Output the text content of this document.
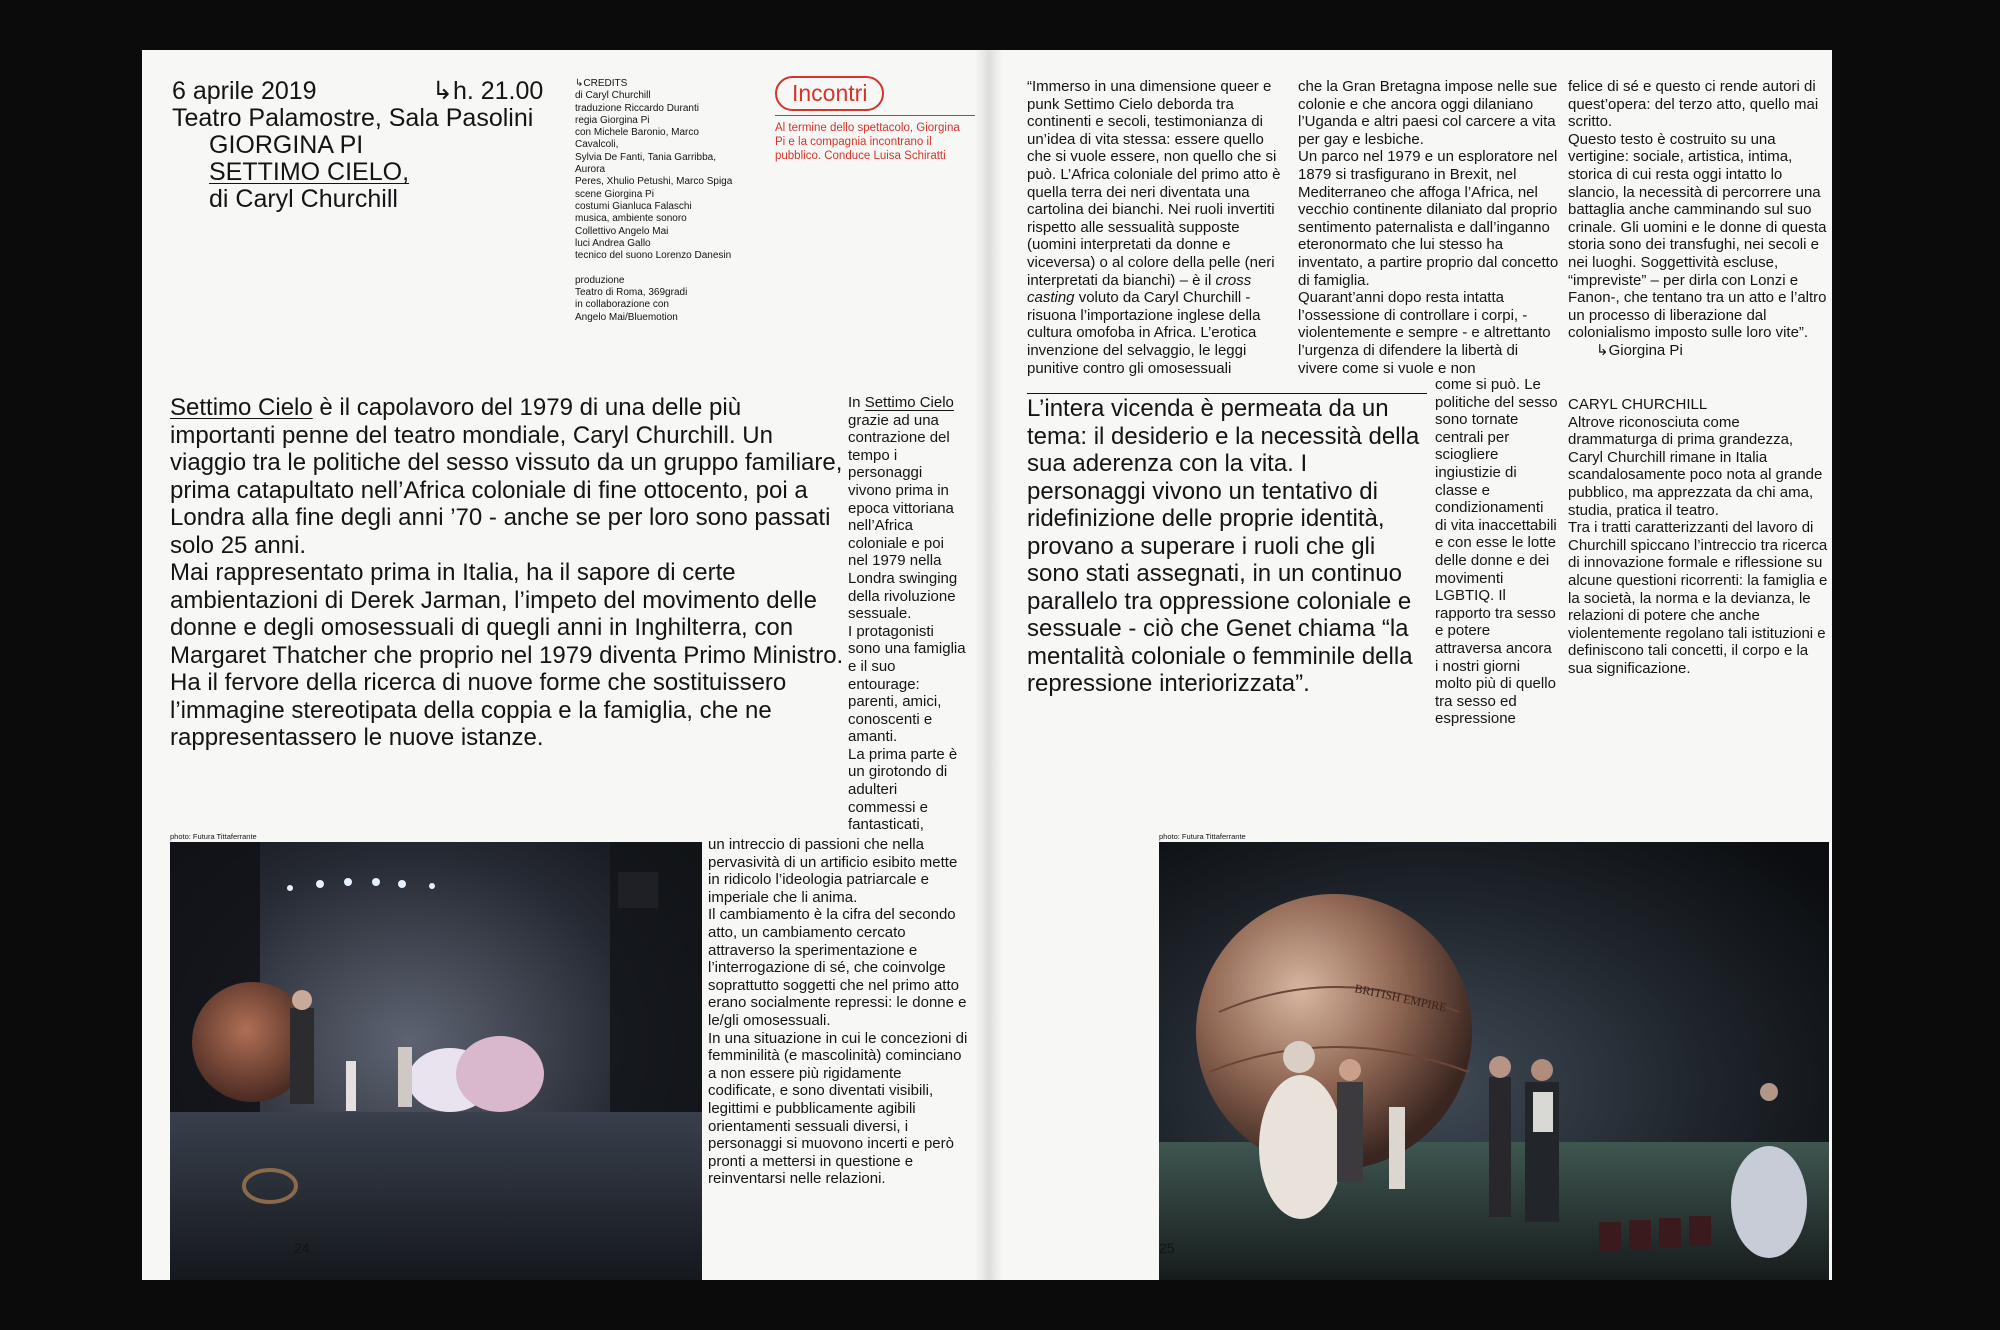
6 aprile 2019	↳h. 21.00
Teatro Palamostre, Sala Pasolini
GIORGINA PI
SETTIMO CIELO,
di Caryl Churchill
↳CREDITS
di Caryl Churchill
traduzione Riccardo Duranti
regia Giorgina Pi
con Michele Baronio, Marco Cavalcoli,
Sylvia De Fanti, Tania Garribba, Aurora
Peres, Xhulio Petushi, Marco Spiga
scene Giorgina Pi
costumi Gianluca Falaschi
musica, ambiente sonoro
Collettivo Angelo Mai
luci Andrea Gallo
tecnico del suono Lorenzo Danesin

produzione
Teatro di Roma, 369gradi
in collaborazione con
Angelo Mai/Bluemotion
Incontri
Al termine dello spettacolo, Giorgina Pi e la compagnia incontrano il pubblico. Conduce Luisa Schiratti

Settimo Cielo è il capolavoro del 1979 di una delle più importanti penne del teatro mondiale, Caryl Churchill. Un viaggio tra le politiche del sesso vissuto da un gruppo familiare, prima catapultato nell’Africa coloniale di fine ottocento, poi a Londra alla fine degli anni ’70 - anche se per loro sono passati solo 25 anni.

Mai rappresentato prima in Italia, ha il sapore di certe ambientazioni di Derek Jarman, l’impeto del movimento delle donne e degli omosessuali di quegli anni in Inghilterra, con Margaret Thatcher che proprio nel 1979 diventa Primo Ministro. Ha il fervore della ricerca di nuove forme che sostituissero l’immagine stereotipata della coppia e la famiglia, che ne rappresentassero le nuove istanze.

In Settimo Cielo grazie ad una contrazione del tempo i personaggi vivono prima in epoca vittoriana nell’Africa coloniale e poi nel 1979 nella Londra swinging della rivoluzione sessuale.

I protagonisti sono una famiglia e il suo entourage: parenti, amici, conoscenti e amanti.

La prima parte è un girotondo di adulteri commessi e fantasticati,

photo: Futura Tittaferrante	un intreccio di passioni che nella pervasività di un artificio esibito mette in ridicolo l’ideologia patriarcale e imperiale che li anima.

Il cambiamento è la cifra del secondo atto, un cambiamento cercato attraverso la sperimentazione e l’interrogazione di sé, che coinvolge soprattutto soggetti che nel primo atto erano socialmente repressi: le donne e le/gli omosessuali.

In una situazione in cui le concezioni di femminilità (e mascolinità) cominciano a non essere più rigidamente codificate, e sono diventati visibili, legittimi e pubblicamente agibili orientamenti sessuali diversi, i personaggi si muovono incerti e però pronti a mettersi in questione e reinventarsi nelle relazioni.

24

“Immerso in una dimensione queer e punk Settimo Cielo deborda tra continenti e secoli, testimonianza di un’idea di vita stessa: essere quello che si vuole essere, non quello che si può. L’Africa coloniale del primo atto è quella terra dei neri diventata una cartolina dei bianchi. Nei ruoli invertiti rispetto alle sessualità supposte (uomini interpretati da donne e viceversa) o al colore della pelle (neri interpretati da bianchi) – è il cross casting voluto da Caryl Churchill - risuona l’importazione inglese della cultura omofoba in Africa. L’erotica invenzione del selvaggio, le leggi punitive contro gli omosessuali

che la Gran Bretagna impose nelle sue colonie e che ancora oggi dilaniano l’Uganda e altri paesi col carcere a vita per gay e lesbiche.

Un parco nel 1979 e un esploratore nel 1879 si trasfigurano in Brexit, nel Mediterraneo che affoga l’Africa, nel vecchio continente dilaniato dal proprio sentimento paternalista e dall’inganno eteronormato che lui stesso ha inventato, a partire proprio dal concetto di famiglia.

Quarant’anni dopo resta intatta l’ossessione di controllare i corpi, - violentemente e sempre - e altrettanto l’urgenza di difendere la libertà di vivere come si vuole e non

felice di sé e questo ci rende autori di quest’opera: del terzo atto, quello mai scritto.

Questo testo è costruito su una vertigine: sociale, artistica, intima, storica di cui resta oggi intatto lo slancio, la necessità di percorrere una battaglia anche camminando sul suo crinale. Gli uomini e le donne di questa storia sono dei transfughi, nei secoli e nei luoghi. Soggettività escluse, “impreviste” – per dirla con Lonzi e Fanon-, che tentano tra un atto e l’altro un processo di liberazione dal colonialismo imposto sulle loro vite”.

↳Giorgina Pi

L’intera vicenda è permeata da un tema: il desiderio e la necessità della sua aderenza con la vita. I personaggi vivono un tentativo di ridefinizione delle proprie identità, provano a superare i ruoli che gli sono stati assegnati, in un continuo parallelo tra oppressione coloniale e sessuale - ciò che Genet chiama “la mentalità coloniale o femminile della repressione interiorizzata”.
come si può. Le politiche del sesso sono tornate centrali per sciogliere ingiustizie di classe e condizionamenti di vita inaccettabili e con esse le lotte delle donne e dei movimenti LGBTIQ. Il rapporto tra sesso e potere attraversa ancora i nostri giorni molto più di quello tra sesso ed espressione

CARYL CHURCHILL

Altrove riconosciuta come drammaturga di prima grandezza, Caryl Churchill rimane in Italia scandalosamente poco nota al grande pubblico, ma apprezzata da chi ama, studia, pratica il teatro.

Tra i tratti caratterizzanti del lavoro di Churchill spiccano l’intreccio tra ricerca di innovazione formale e riflessione su alcune questioni ricorrenti: la famiglia e la società, la norma e la devianza, le relazioni di potere che anche violentemente regolano tali istituzioni e definiscono tali concetti, il corpo e la sua significazione.

photo: Futura Tittaferrante
BRITISH EMPIRE
25
